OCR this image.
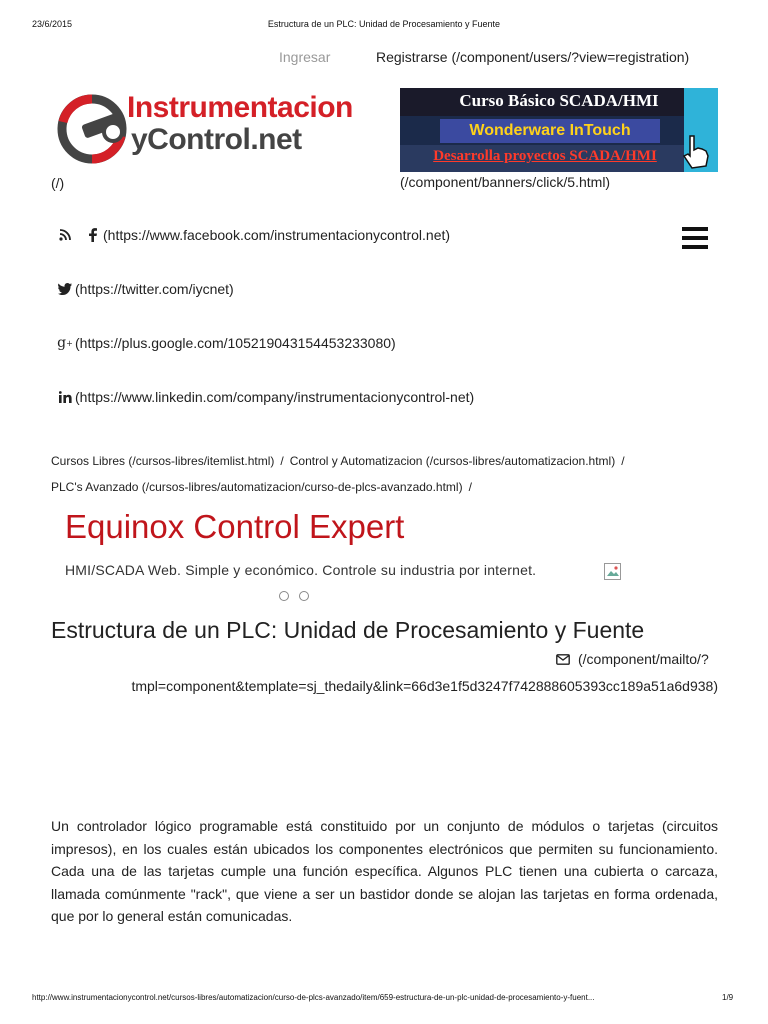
23/6/2015	Estructura de un PLC: Unidad de Procesamiento y Fuente
Ingresar	Registrarse (/component/users/?view=registration)
Instrumentacion
yControl.net
(/)
Curso Básico SCADA/HMI
Wonderware InTouch
Desarrolla proyectos SCADA/HMI
(/component/banners/click/5.html)
(https://www.facebook.com/instrumentacionycontrol.net)
(https://twitter.com/iycnet)
g + (https://plus.google.com/105219043154453233080)
(https://www.linkedin.com/company/instrumentacionycontrol-net)
Cursos Libres (/cursos-libres/itemlist.html) / Control y Automatizacion (/cursos-libres/automatizacion.html) /
PLC's Avanzado (/cursos-libres/automatizacion/curso-de-plcs-avanzado.html) /
Equinox Control Expert
HMI/SCADA Web. Simple y económico. Controle su industria por internet.
Estructura de un PLC: Unidad de Procesamiento y Fuente
(/component/mailto/?
tmpl=component&template=sj_thedaily&link=66d3e1f5d3247f742888605393cc189a51a6d938)

Un controlador lógico programable está constituido por un conjunto de módulos o tarjetas (circuitos impresos), en los cuales están ubicados los componentes electrónicos que permiten su funcionamiento. Cada una de las tarjetas cumple una función específica. Algunos PLC tienen una cubierta o carcaza, llamada comúnmente "rack", que viene a ser un bastidor donde se alojan las tarjetas en forma ordenada, que por lo general están comunicadas.

http://www.instrumentacionycontrol.net/cursos-libres/automatizacion/curso-de-plcs-avanzado/item/659-estructura-de-un-plc-unidad-de-procesamiento-y-fuent...	1/9
